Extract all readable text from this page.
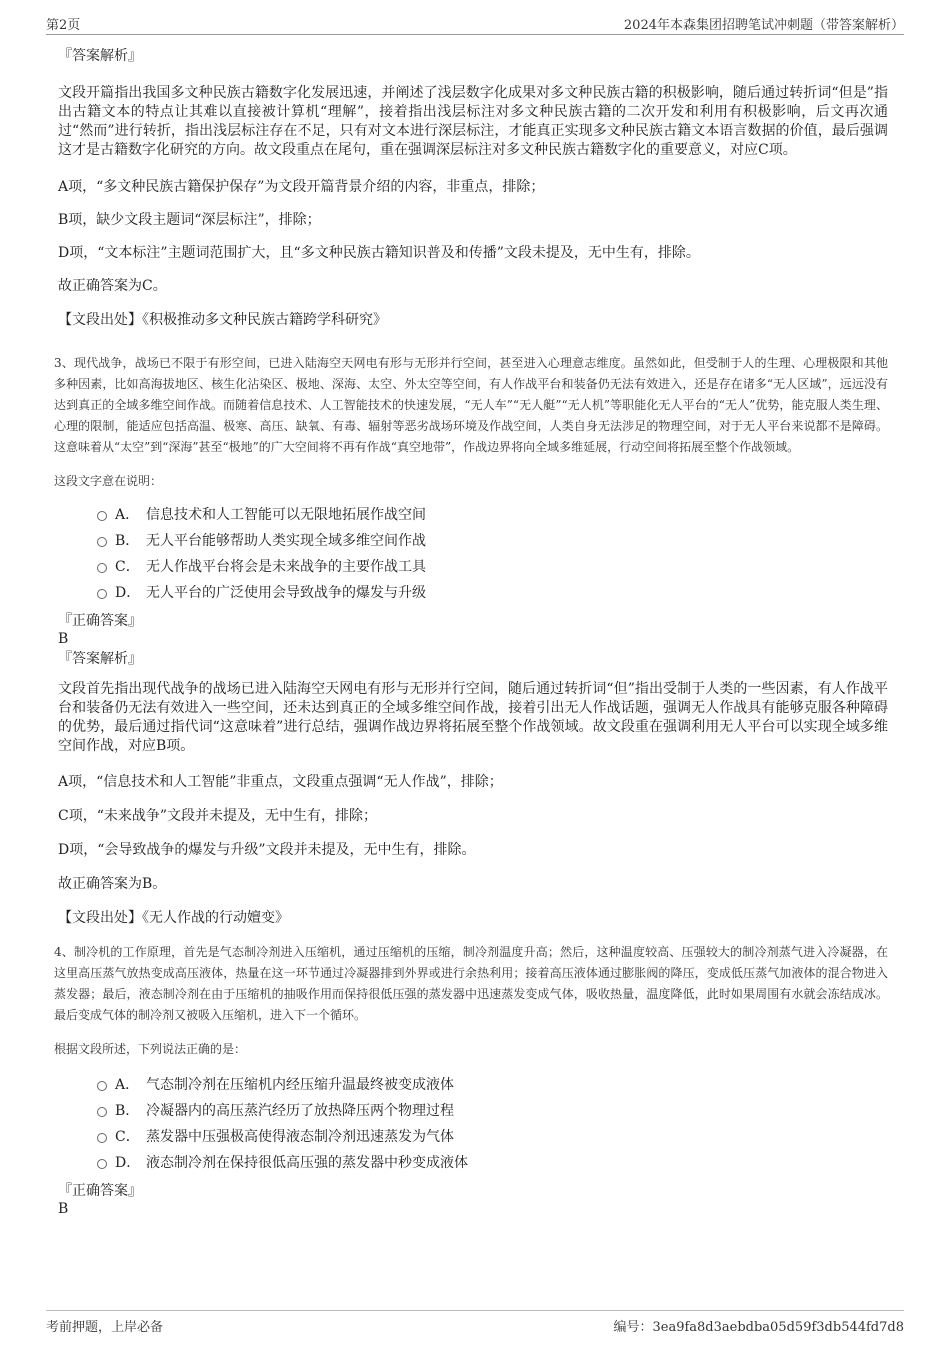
第2页	2024年本森集团招聘笔试冲刺题（带答案解析）

『答案解析』

文段开篇指出我国多文种民族古籍数字化发展迅速，并阐述了浅层数字化成果对多文种民族古籍的积极影响，随后通过转折词“但是”指出古籍文本的特点让其难以直接被计算机“理解”，接着指出浅层标注对多文种民族古籍的二次开发和利用有积极影响，后文再次通过“然而”进行转折，指出浅层标注存在不足，只有对文本进行深层标注，才能真正实现多文种民族古籍文本语言数据的价值，最后强调这才是古籍数字化研究的方向。故文段重点在尾句，重在强调深层标注对多文种民族古籍数字化的重要意义，对应C项。

A项，“多文种民族古籍保护保存”为文段开篇背景介绍的内容，非重点，排除；

B项，缺少文段主题词“深层标注”，排除；

D项，“文本标注”主题词范围扩大，且“多文种民族古籍知识普及和传播”文段未提及，无中生有，排除。

故正确答案为C。

【文段出处】《积极推动多文种民族古籍跨学科研究》

3、现代战争，战场已不限于有形空间，已进入陆海空天网电有形与无形并行空间，甚至进入心理意志维度。虽然如此，但受制于人的生理、心理极限和其他多种因素，比如高海拔地区、核生化沾染区、极地、深海、太空、外太空等空间，有人作战平台和装备仍无法有效进入，还是存在诸多“无人区域”，远远没有达到真正的全域多维空间作战。而随着信息技术、人工智能技术的快速发展，“无人车”“无人艇”“无人机”等职能化无人平台的“无人”优势，能克服人类生理、心理的限制，能适应包括高温、极寒、高压、缺氧、有毒、辐射等恶劣战场环境及作战空间，人类自身无法涉足的物理空间，对于无人平台来说都不是障碍。这意味着从“太空”到“深海”甚至“极地”的广大空间将不再有作战“真空地带”，作战边界将向全域多维延展，行动空间将拓展至整个作战领域。

这段文字意在说明：

A． 信息技术和人工智能可以无限地拓展作战空间
B． 无人平台能够帮助人类实现全域多维空间作战
C． 无人作战平台将会是未来战争的主要作战工具
D． 无人平台的广泛使用会导致战争的爆发与升级

『正确答案』

B

『答案解析』

文段首先指出现代战争的战场已进入陆海空天网电有形与无形并行空间，随后通过转折词“但”指出受制于人类的一些因素，有人作战平台和装备仍无法有效进入一些空间，还未达到真正的全域多维空间作战，接着引出无人作战话题，强调无人作战具有能够克服各种障碍的优势，最后通过指代词“这意味着”进行总结，强调作战边界将拓展至整个作战领域。故文段重在强调利用无人平台可以实现全域多维空间作战，对应B项。

A项，“信息技术和人工智能”非重点，文段重点强调“无人作战”，排除；

C项，“未来战争”文段并未提及，无中生有，排除；

D项，“会导致战争的爆发与升级”文段并未提及，无中生有，排除。

故正确答案为B。

【文段出处】《无人作战的行动嬗变》

4、制冷机的工作原理，首先是气态制冷剂进入压缩机，通过压缩机的压缩，制冷剂温度升高；然后，这种温度较高、压强较大的制冷剂蒸气进入冷凝器，在这里高压蒸气放热变成高压液体，热量在这一环节通过冷凝器排到外界或进行余热利用；接着高压液体通过膨胀阀的降压，变成低压蒸气加液体的混合物进入蒸发器；最后，液态制冷剂在由于压缩机的抽吸作用而保持很低压强的蒸发器中迅速蒸发变成气体，吸收热量，温度降低，此时如果周围有水就会冻结成冰。最后变成气体的制冷剂又被吸入压缩机，进入下一个循环。

根据文段所述，下列说法正确的是：

A． 气态制冷剂在压缩机内经压缩升温最终被变成液体
B． 冷凝器内的高压蒸汽经历了放热降压两个物理过程
C． 蒸发器中压强极高使得液态制冷剂迅速蒸发为气体
D． 液态制冷剂在保持很低高压强的蒸发器中秒变成液体

『正确答案』

B

考前押题，上岸必备	编号：3ea9fa8d3aebdba05d59f3db544fd7d8
